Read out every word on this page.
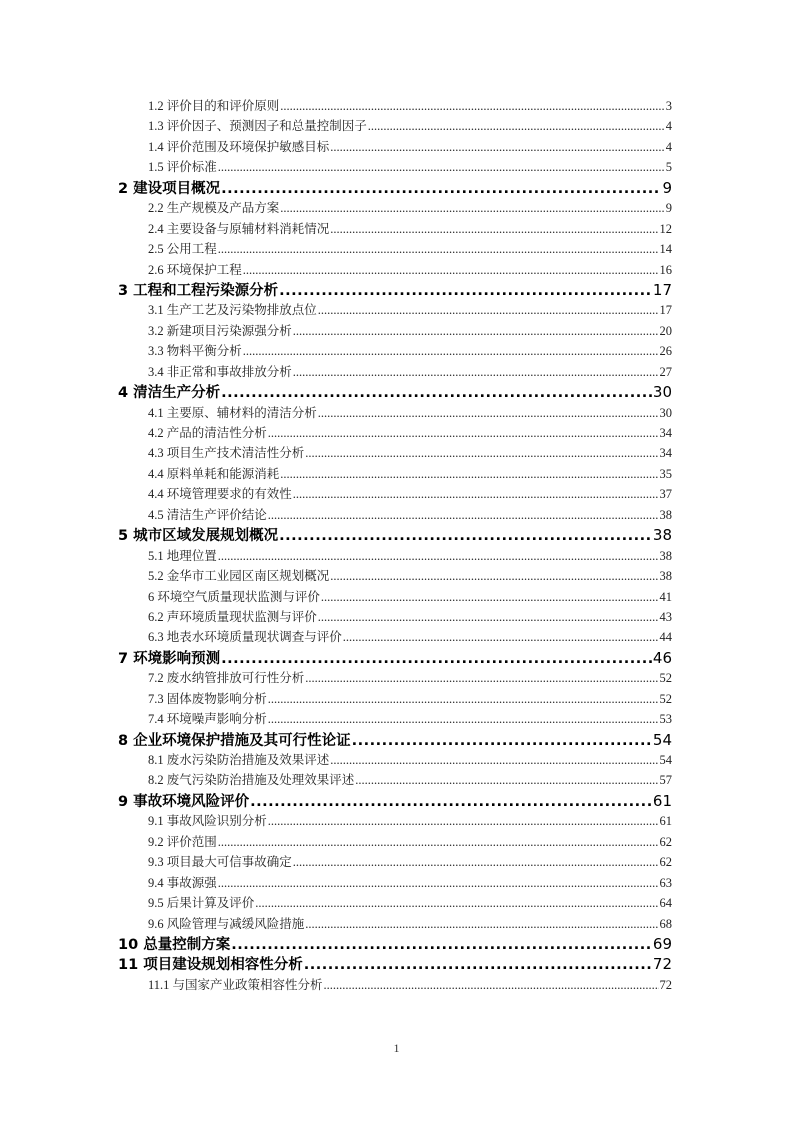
1.2 评价目的和评价原则 .....	3
1.3 评价因子、预测因子和总量控制因子 .....	4
1.4 评价范围及环境保护敏感目标 .....	4
1.5 评价标准 .....	5
2 建设项目概况 .....	9
2.2 生产规模及产品方案 .....	9
2.4 主要设备与原辅材料消耗情况 .....	12
2.5 公用工程 .....	14
2.6 环境保护工程 .....	16
3 工程和工程污染源分析 .....	17
3.1 生产工艺及污染物排放点位 .....	17
3.2 新建项目污染源强分析 .....	20
3.3 物料平衡分析 .....	26
3.4 非正常和事故排放分析 .....	27
4 清洁生产分析 .....	30
4.1 主要原、辅材料的清洁分析 .....	30
4.2 产品的清洁性分析 .....	34
4.3 项目生产技术清洁性分析 .....	34
4.4 原料单耗和能源消耗 .....	35
4.4 环境管理要求的有效性 .....	37
4.5 清洁生产评价结论 .....	38
5 城市区域发展规划概况 .....	38
5.1 地理位置 .....	38
5.2 金华市工业园区南区规划概况 .....	38
6 环境空气质量现状监测与评价 .....	41
6.2 声环境质量现状监测与评价 .....	43
6.3 地表水环境质量现状调查与评价 .....	44
7 环境影响预测 .....	46
7.2 废水纳管排放可行性分析 .....	52
7.3 固体废物影响分析 .....	52
7.4 环境噪声影响分析 .....	53
8 企业环境保护措施及其可行性论证 .....	54
8.1 废水污染防治措施及效果评述 .....	54
8.2 废气污染防治措施及处理效果评述 .....	57
9 事故环境风险评价 .....	61
9.1 事故风险识别分析 .....	61
9.2 评价范围 .....	62
9.3 项目最大可信事故确定 .....	62
9.4 事故源强 .....	63
9.5 后果计算及评价 .....	64
9.6 风险管理与减缓风险措施 .....	68
10 总量控制方案 .....	69
11 项目建设规划相容性分析 .....	72
11.1 与国家产业政策相容性分析 .....	72
1
